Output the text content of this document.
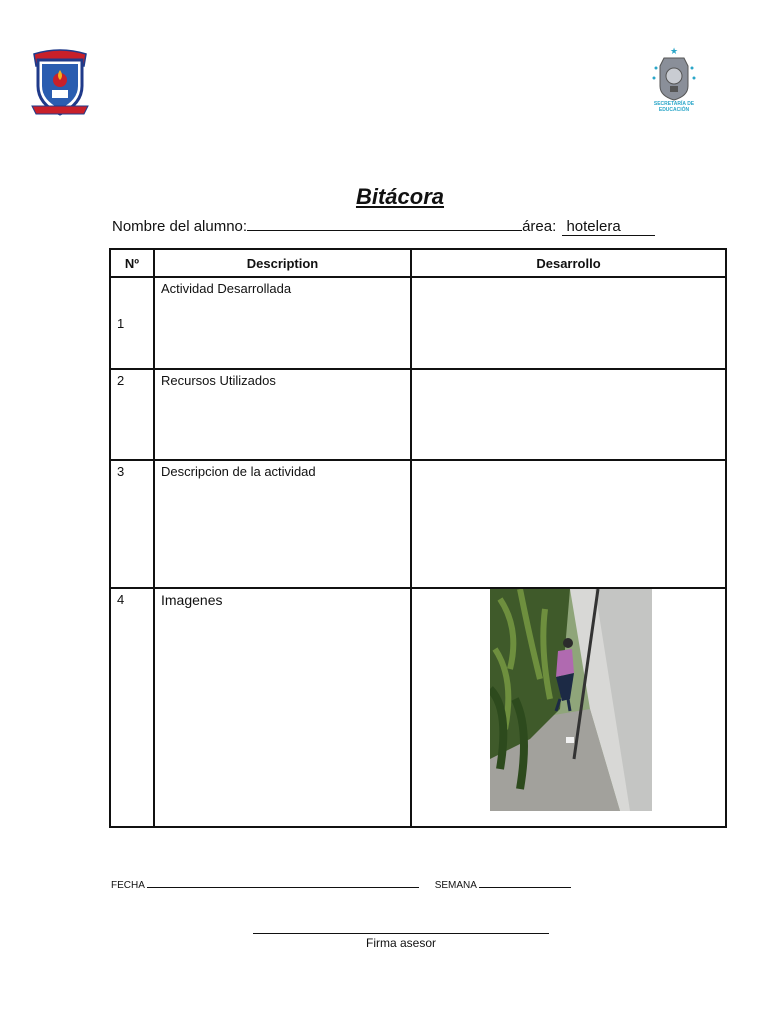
★
SECRETARÍA DE EDUCACIÓN
Bitácora
Nombre del alumno:	área: hotelera
Nº	Description	Desarrollo

1	Actividad Desarrollada	

2	Recursos Utilizados	

3	Descripcion de la actividad	

4	Imagenes

FECHA	SEMANA
Firma asesor
